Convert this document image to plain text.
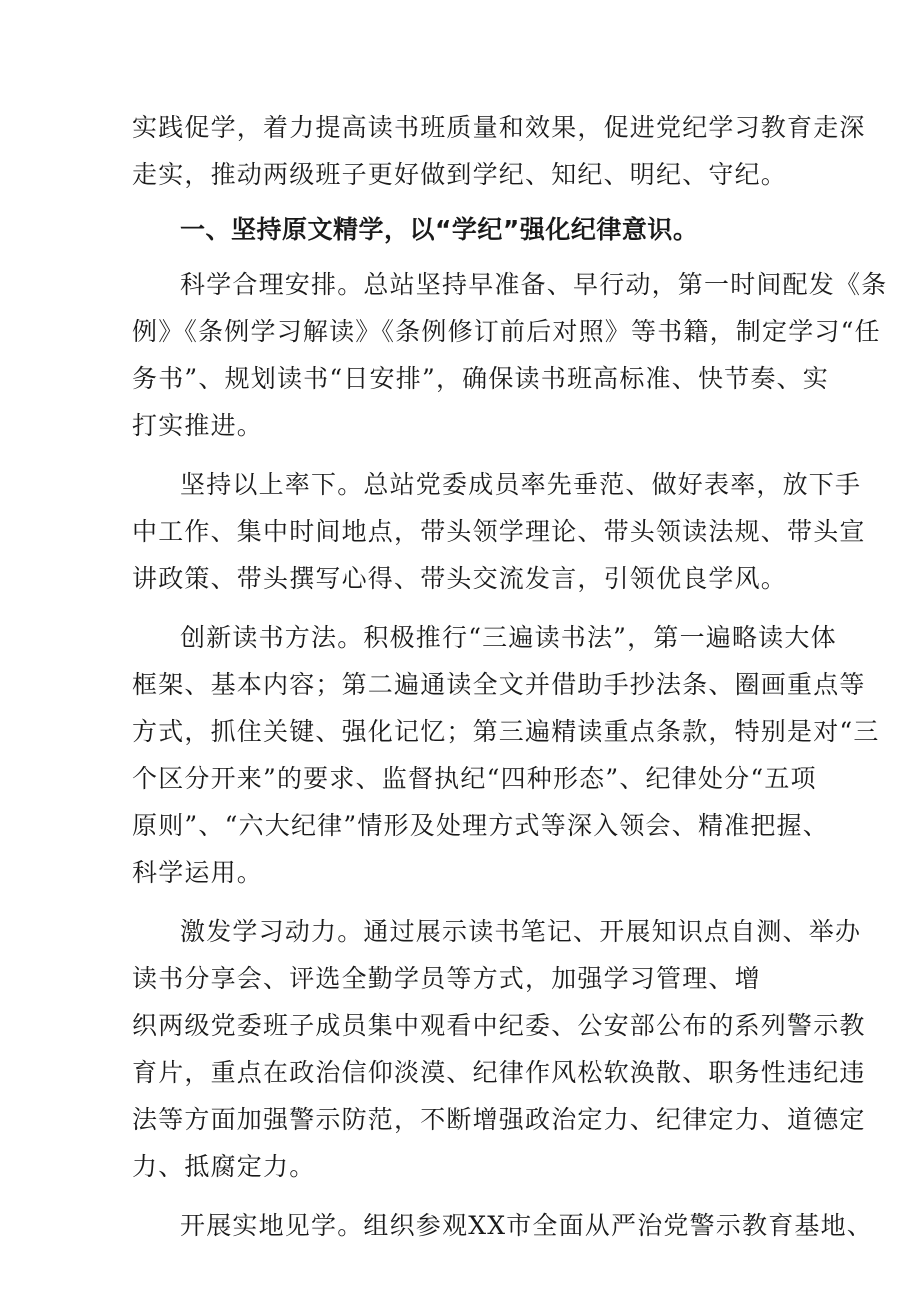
实践促学，着力提高读书班质量和效果，促进党纪学习教育走深
走实，推动两级班子更好做到学纪、知纪、明纪、守纪。
一、坚持原文精学，以“学纪”强化纪律意识。
科学合理安排。总站坚持早准备、早行动，第一时间配发《条
例》《条例学习解读》《条例修订前后对照》等书籍，制定学习“任
务书”、规划读书“日安排”，确保读书班高标准、快节奏、实
打实推进。
坚持以上率下。总站党委成员率先垂范、做好表率，放下手
中工作、集中时间地点，带头领学理论、带头领读法规、带头宣
讲政策、带头撰写心得、带头交流发言，引领优良学风。
创新读书方法。积极推行“三遍读书法”，第一遍略读大体
框架、基本内容；第二遍通读全文并借助手抄法条、圈画重点等
方式，抓住关键、强化记忆；第三遍精读重点条款，特别是对“三
个区分开来”的要求、监督执纪“四种形态”、纪律处分“五项
原则”、“六大纪律”情形及处理方式等深入领会、精准把握、
科学运用。
激发学习动力。通过展示读书笔记、开展知识点自测、举办
读书分享会、评选全勤学员等方式，加强学习管理、增
织两级党委班子成员集中观看中纪委、公安部公布的系列警示教
育片，重点在政治信仰淡漠、纪律作风松软涣散、职务性违纪违
法等方面加强警示防范，不断增强政治定力、纪律定力、道德定
力、抵腐定力。
开展实地见学。组织参观XX市全面从严治党警示教育基地、
